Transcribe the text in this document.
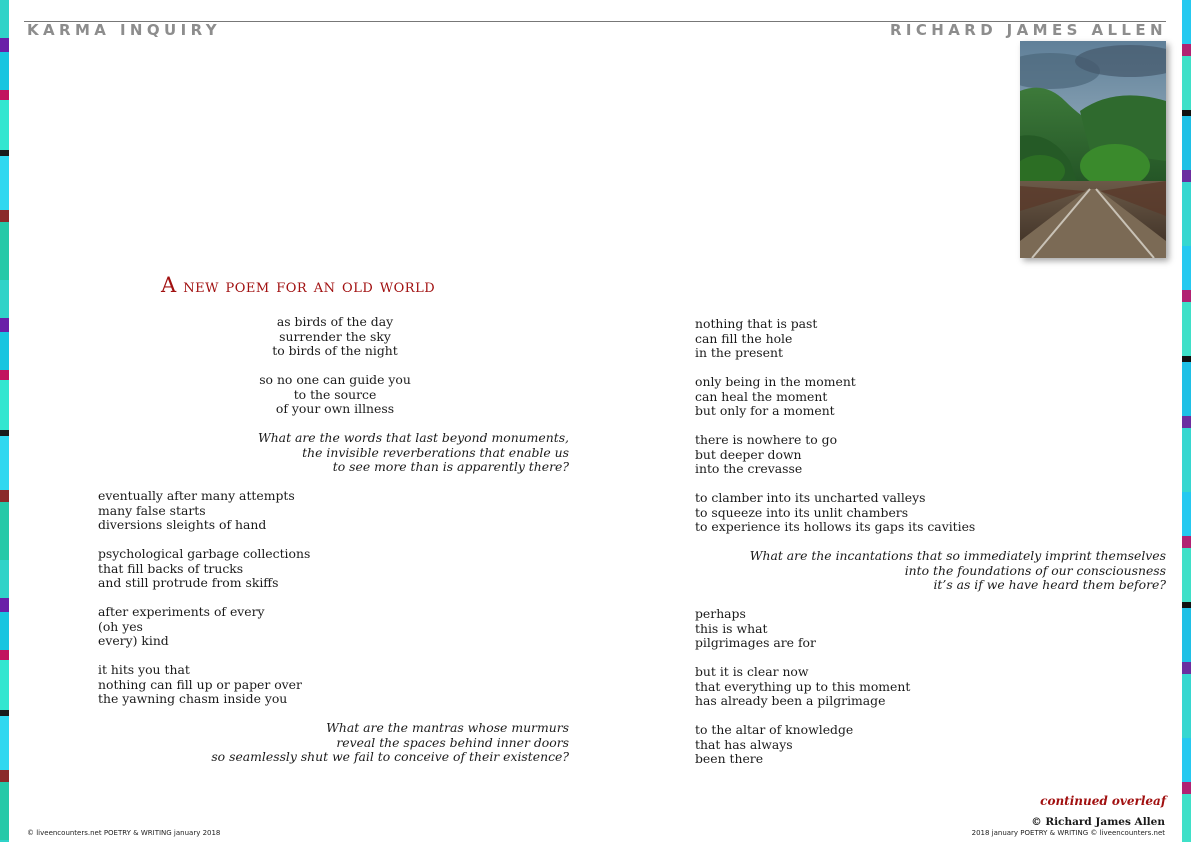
KARMA INQUIRY	RICHARD JAMES ALLEN
A new poem for an old world
as birds of the day
surrender the sky
to birds of the night
so no one can guide you
to the source
of your own illness
What are the words that last beyond monuments,
the invisible reverberations that enable us
to see more than is apparently there?
eventually after many attempts
many false starts
diversions sleights of hand
psychological garbage collections
that fill backs of trucks
and still protrude from skiffs
after experiments of every
(oh yes
every) kind
it hits you that
nothing can fill up or paper over
the yawning chasm inside you
What are the mantras whose murmurs
reveal the spaces behind inner doors
so seamlessly shut we fail to conceive of their existence?
nothing that is past
can fill the hole
in the present
only being in the moment
can heal the moment
but only for a moment
there is nowhere to go
but deeper down
into the crevasse
to clamber into its uncharted valleys
to squeeze into its unlit chambers
to experience its hollows its gaps its cavities
What are the incantations that so immediately imprint themselves
into the foundations of our consciousness
it’s as if we have heard them before?
perhaps
this is what
pilgrimages are for
but it is clear now
that everything up to this moment
has already been a pilgrimage
to the altar of knowledge
that has always
been there
continued overleaf
© Richard James Allen
© liveencounters.net POETRY & WRITING january 2018	2018 january POETRY & WRITING © liveencounters.net
